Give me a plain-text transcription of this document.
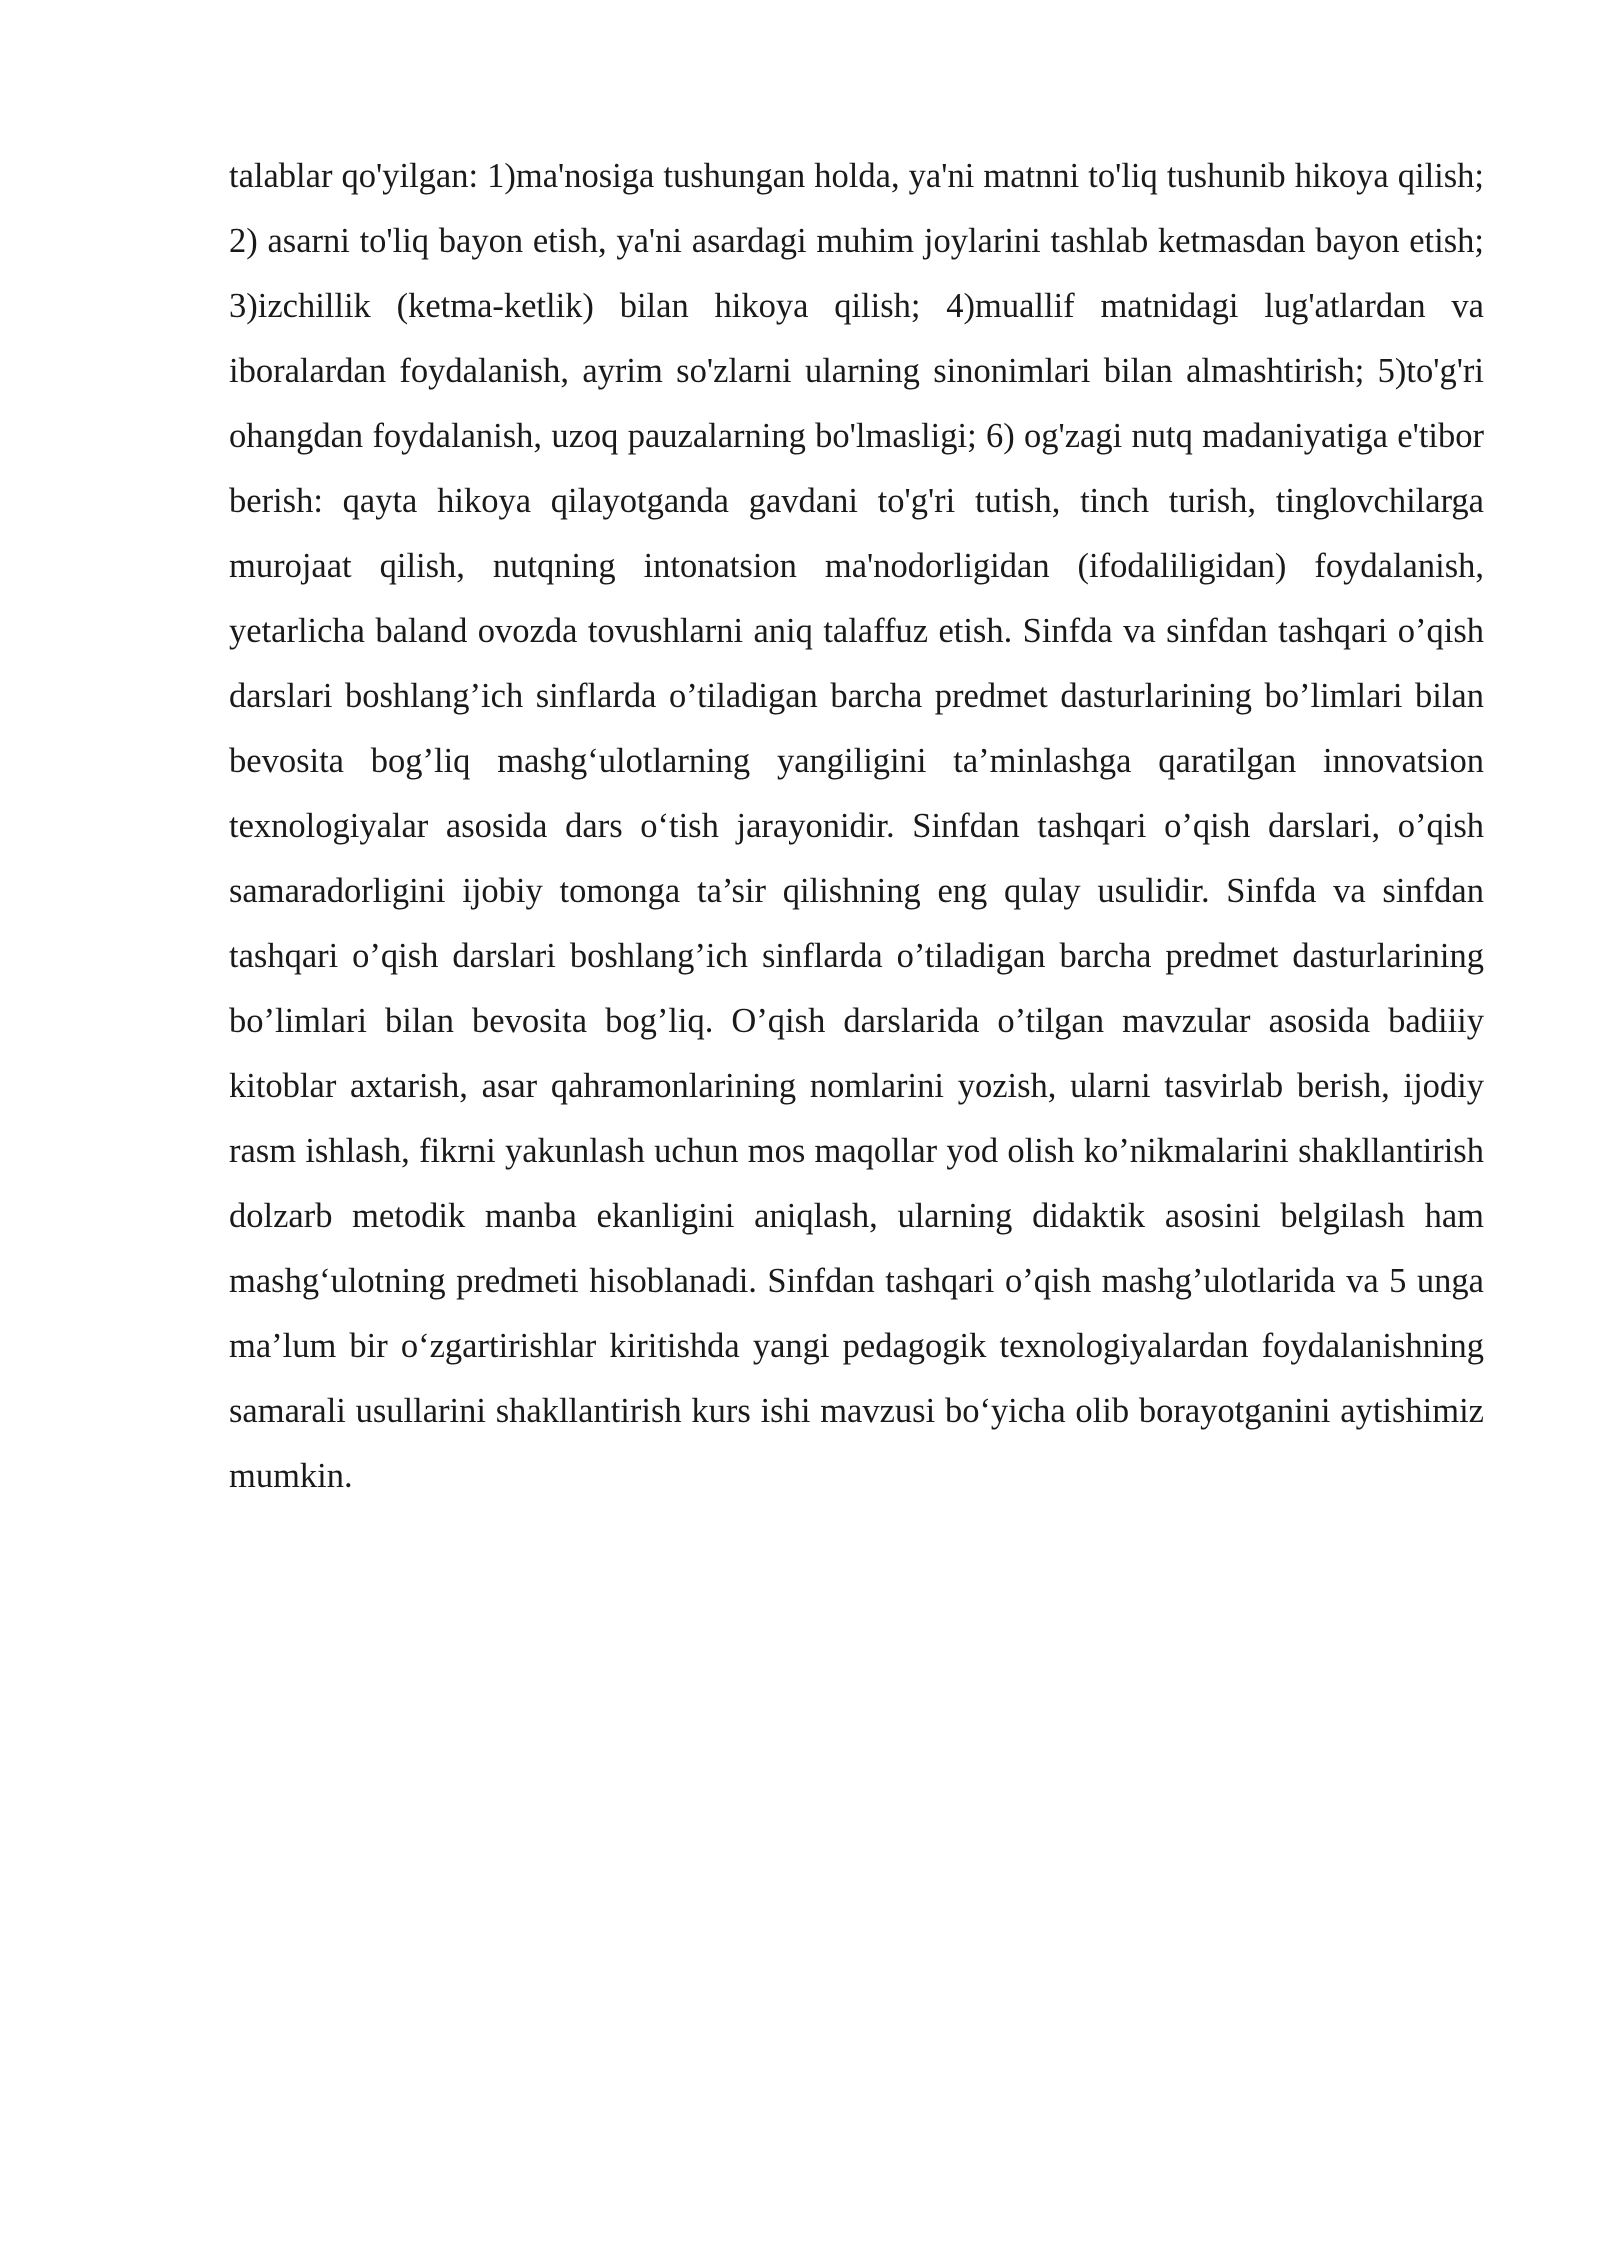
talablar qo'yilgan: 1)ma'nosiga tushungan holda, ya'ni matnni to'liq tushunib hikoya qilish; 2) asarni to'liq bayon etish, ya'ni asardagi muhim joylarini tashlab ketmasdan bayon etish; 3)izchillik (ketma-ketlik) bilan hikoya qilish; 4)muallif matnidagi lug'atlardan va iboralardan foydalanish, ayrim so'zlarni ularning sinonimlari bilan almashtirish; 5)to'g'ri ohangdan foydalanish, uzoq pauzalarning bo'lmasligi; 6) og'zagi nutq madaniyatiga e'tibor berish: qayta hikoya qilayotganda gavdani to'g'ri tutish, tinch turish, tinglovchilarga murojaat qilish, nutqning intonatsion ma'nodorligidan (ifodaliligidan) foydalanish, yetarlicha baland ovozda tovushlarni aniq talaffuz etish. Sinfda va sinfdan tashqari o’qish darslari boshlang’ich sinflarda o’tiladigan barcha predmet dasturlarining bo’limlari bilan bevosita bog’liq mashg‘ulotlarning yangiligini ta’minlashga qaratilgan innovatsion texnologiyalar asosida dars o‘tish jarayonidir. Sinfdan tashqari o’qish darslari, o’qish samaradorligini ijobiy tomonga ta’sir qilishning eng qulay usulidir. Sinfda va sinfdan tashqari o’qish darslari boshlang’ich sinflarda o’tiladigan barcha predmet dasturlarining bo’limlari bilan bevosita bog’liq. O’qish darslarida o’tilgan mavzular asosida badiiiy kitoblar axtarish, asar qahramonlarining nomlarini yozish, ularni tasvirlab berish, ijodiy rasm ishlash, fikrni yakunlash uchun mos maqollar yod olish ko’nikmalarini shakllantirish dolzarb metodik manba ekanligini aniqlash, ularning didaktik asosini belgilash ham mashg‘ulotning predmeti hisoblanadi. Sinfdan tashqari o’qish mashg’ulotlarida va 5 unga ma’lum bir o‘zgartirishlar kiritishda yangi pedagogik texnologiyalardan foydalanishning samarali usullarini shakllantirish kurs ishi mavzusi bo‘yicha olib borayotganini aytishimiz mumkin.
